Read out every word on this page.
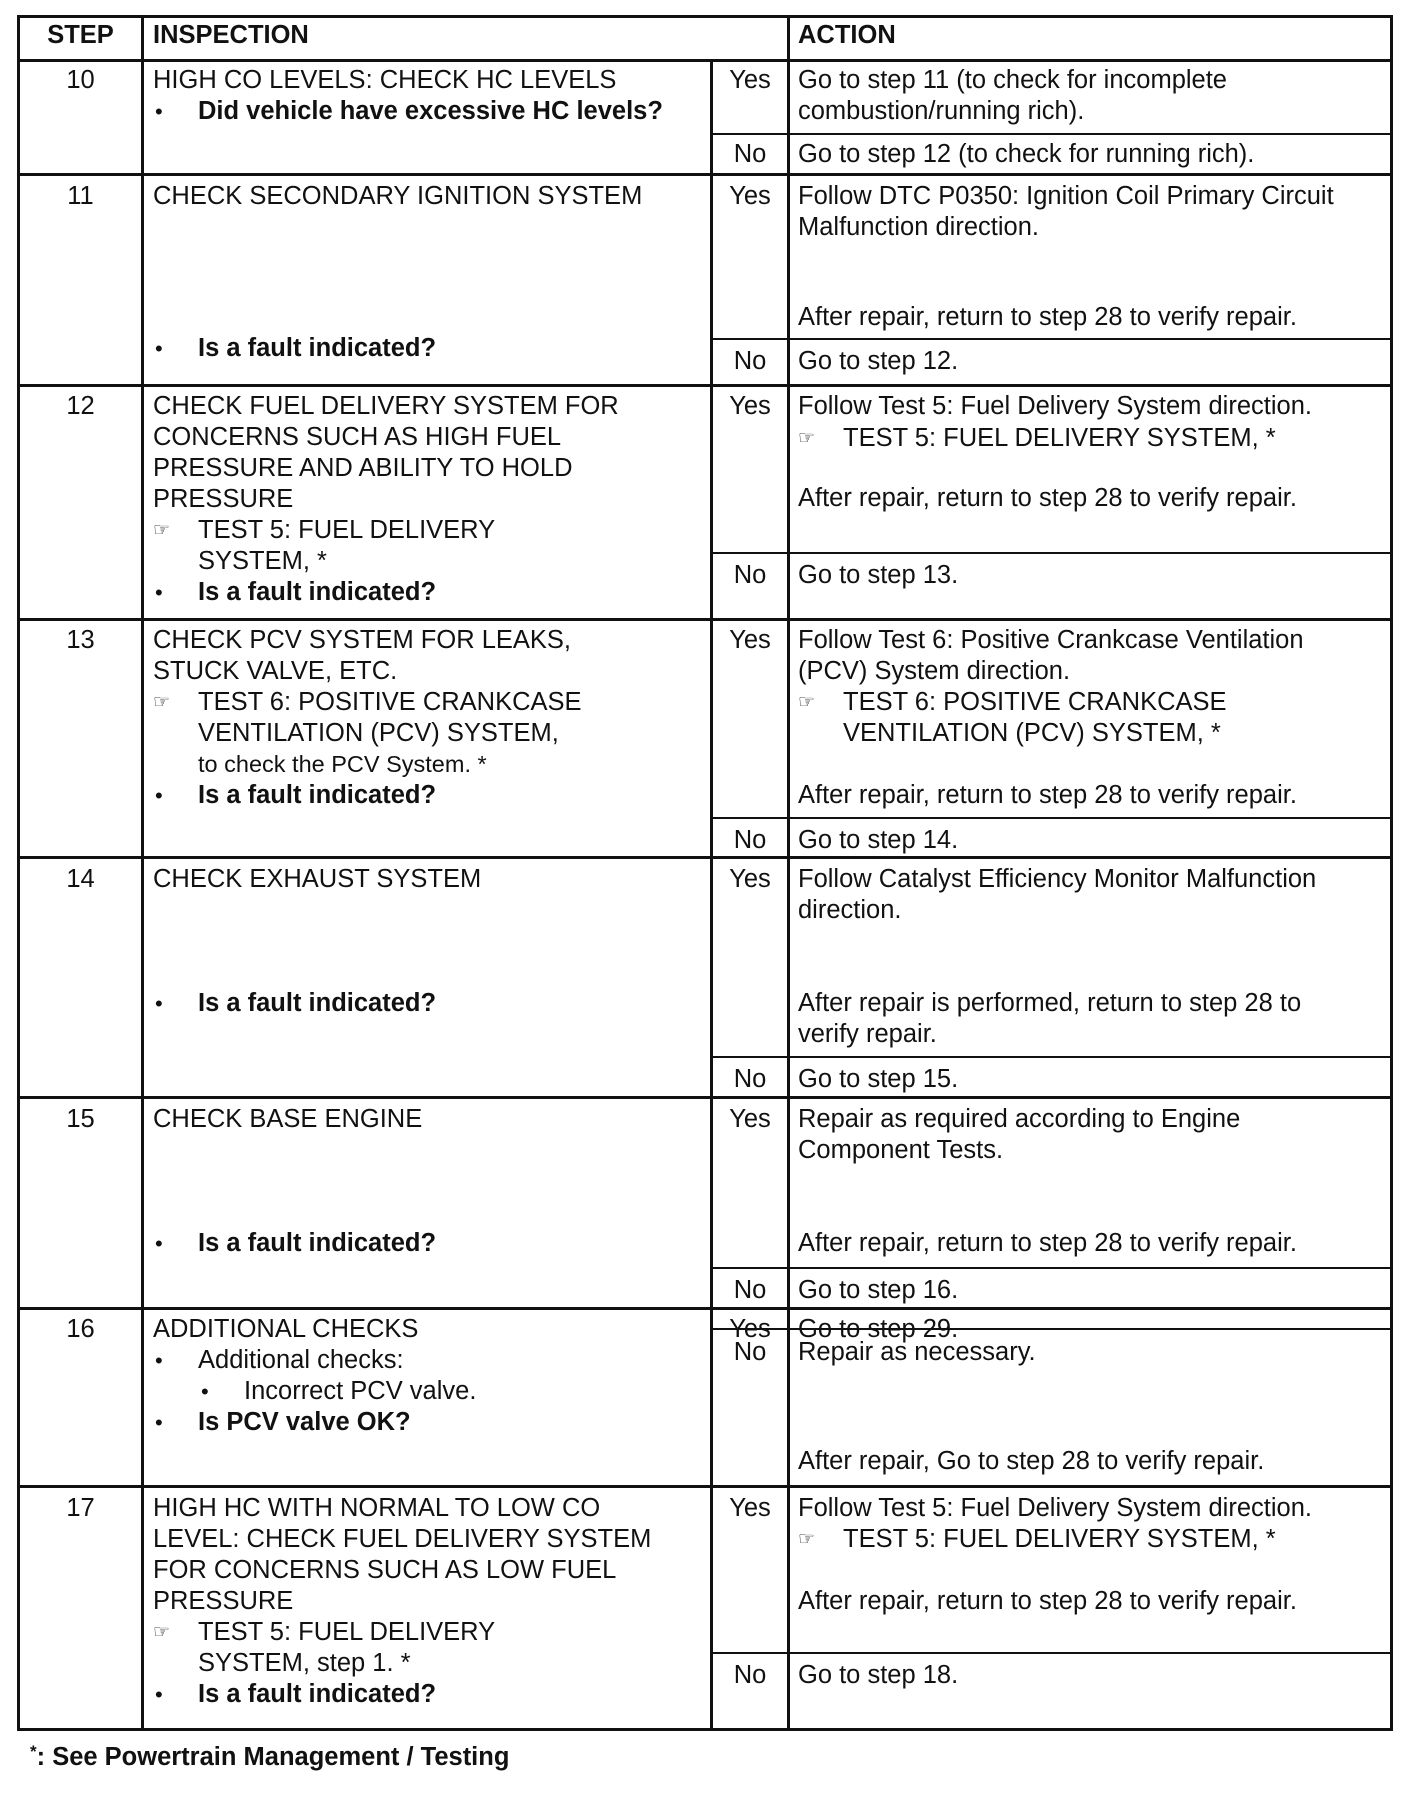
STEP	INSPECTION	ACTION
10	HIGH CO LEVELS: CHECK HC LEVELS
• Did vehicle have excessive HC levels?
Yes	Go to step 11 (to check for incomplete
combustion/running rich).
No	Go to step 12 (to check for running rich).
11	CHECK SECONDARY IGNITION SYSTEM
• Is a fault indicated?
Yes	Follow DTC P0350: Ignition Coil Primary Circuit
Malfunction direction.
After repair, return to step 28 to verify repair.
No	Go to step 12.
12	CHECK FUEL DELIVERY SYSTEM FOR
CONCERNS SUCH AS HIGH FUEL
PRESSURE AND ABILITY TO HOLD
PRESSURE
☞ TEST 5: FUEL DELIVERY
SYSTEM, *
• Is a fault indicated?
Yes	Follow Test 5: Fuel Delivery System direction.
☞ TEST 5: FUEL DELIVERY SYSTEM, *
After repair, return to step 28 to verify repair.
No	Go to step 13.
13	CHECK PCV SYSTEM FOR LEAKS,
STUCK VALVE, ETC.
☞ TEST 6: POSITIVE CRANKCASE
VENTILATION (PCV) SYSTEM,
to check the PCV System. *
• Is a fault indicated?
Yes	Follow Test 6: Positive Crankcase Ventilation
(PCV) System direction.
☞ TEST 6: POSITIVE CRANKCASE
VENTILATION (PCV) SYSTEM, *
After repair, return to step 28 to verify repair.
No	Go to step 14.
14	CHECK EXHAUST SYSTEM
• Is a fault indicated?
Yes	Follow Catalyst Efficiency Monitor Malfunction
direction.
After repair is performed, return to step 28 to
verify repair.
No	Go to step 15.
15	CHECK BASE ENGINE
• Is a fault indicated?
Yes	Repair as required according to Engine
Component Tests.
After repair, return to step 28 to verify repair.
No	Go to step 16.
16	ADDITIONAL CHECKS
• Additional checks:
• Incorrect PCV valve.
• Is PCV valve OK?
Yes	Go to step 29.
No	Repair as necessary.
After repair, Go to step 28 to verify repair.
17	HIGH HC WITH NORMAL TO LOW CO
LEVEL: CHECK FUEL DELIVERY SYSTEM
FOR CONCERNS SUCH AS LOW FUEL
PRESSURE
☞ TEST 5: FUEL DELIVERY
SYSTEM, step 1. *
• Is a fault indicated?
Yes	Follow Test 5: Fuel Delivery System direction.
☞ TEST 5: FUEL DELIVERY SYSTEM, *
After repair, return to step 28 to verify repair.
No	Go to step 18.
*: See Powertrain Management / Testing
